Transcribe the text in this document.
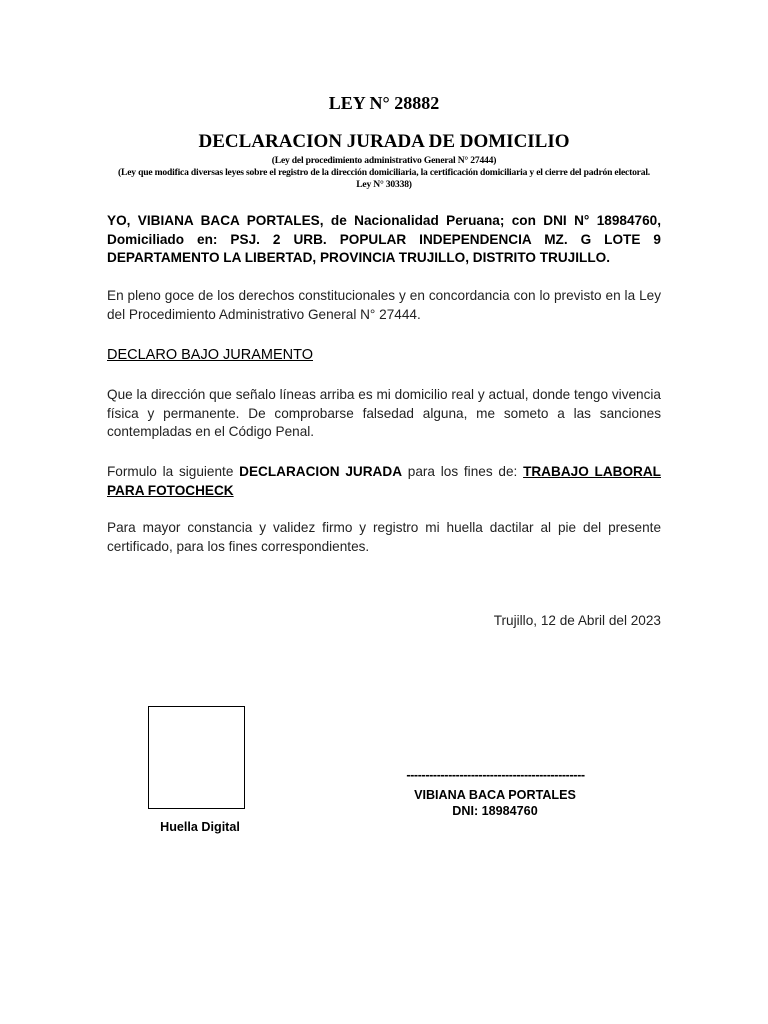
LEY N° 28882
DECLARACION JURADA DE DOMICILIO
(Ley del procedimiento administrativo General N° 27444)
(Ley que modifica diversas leyes sobre el registro de la dirección domiciliaria, la certificación domiciliaria y el cierre del padrón electoral. Ley N° 30338)
YO, VIBIANA BACA PORTALES, de Nacionalidad Peruana; con DNI N° 18984760, Domiciliado en: PSJ. 2 URB. POPULAR INDEPENDENCIA MZ. G LOTE 9 DEPARTAMENTO LA LIBERTAD, PROVINCIA TRUJILLO, DISTRITO TRUJILLO.
En pleno goce de los derechos constitucionales y en concordancia con lo previsto en la Ley del Procedimiento Administrativo General N° 27444.
DECLARO BAJO JURAMENTO
Que la dirección que señalo líneas arriba es mi domicilio real y actual, donde tengo vivencia física y permanente. De comprobarse falsedad alguna, me someto a las sanciones contempladas en el Código Penal.
Formulo la siguiente DECLARACION JURADA para los fines de: TRABAJO LABORAL PARA FOTOCHECK
Para mayor constancia y validez firmo y registro mi huella dactilar al pie del presente certificado, para los fines correspondientes.
Trujillo, 12 de Abril del 2023
Huella Digital
-----------------------------------------------
VIBIANA BACA PORTALES
DNI: 18984760
